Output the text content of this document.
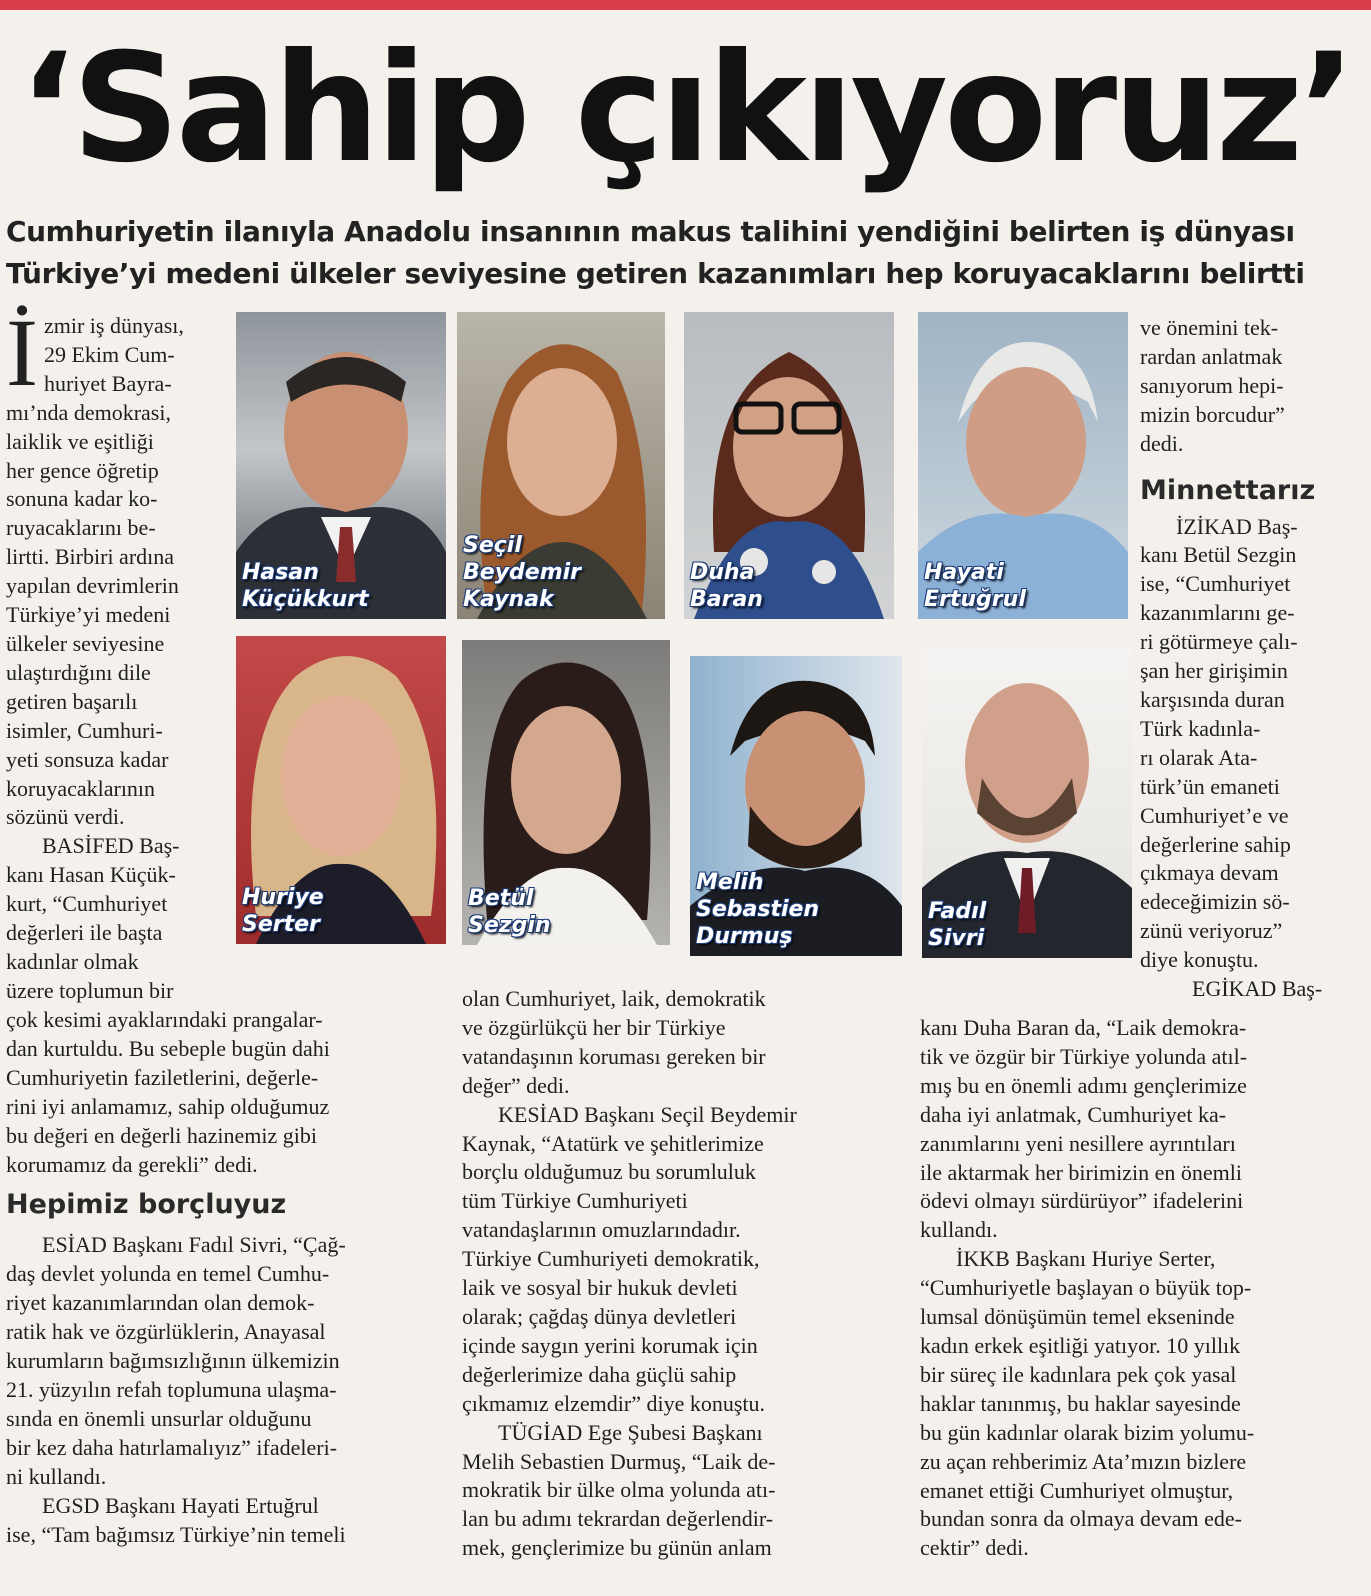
‘Sahip çıkıyoruz’
Cumhuriyetin ilanıyla Anadolu insanının makus talihini yendiğini belirten iş dünyası
Türkiye’yi medeni ülkeler seviyesine getiren kazanımları hep koruyacaklarını belirtti
İ zmir iş dünyası,

29 Ekim Cum-

huriyet Bayra-

mı’nda demokrasi,

laiklik ve eşitliği

her gence öğretip

sonuna kadar ko-

ruyacaklarını be-

lirtti. Birbiri ardına

yapılan devrimlerin

Türkiye’yi medeni

ülkeler seviyesine

ulaştırdığını dile

getiren başarılı

isimler, Cumhuri-

yeti sonsuza kadar

koruyacaklarının

sözünü verdi.

BASİFED Baş-

kanı Hasan Küçük-

kurt, “Cumhuriyet

değerleri ile başta

kadınlar olmak

üzere toplumun bir

çok kesimi ayaklarındaki prangalar-

dan kurtuldu. Bu sebeple bugün dahi

Cumhuriyetin faziletlerini, değerle-

rini iyi anlamamız, sahip olduğumuz

bu değeri en değerli hazinemiz gibi

korumamız da gerekli” dedi.

Hepimiz borçluyuz

ESİAD Başkanı Fadıl Sivri, “Çağ-

daş devlet yolunda en temel Cumhu-

riyet kazanımlarından olan demok-

ratik hak ve özgürlüklerin, Anayasal

kurumların bağımsızlığının ülkemizin

21. yüzyılın refah toplumuna ulaşma-

sında en önemli unsurlar olduğunu

bir kez daha hatırlamalıyız” ifadeleri-

ni kullandı.

EGSD Başkanı Hayati Ertuğrul

ise, “Tam bağımsız Türkiye’nin temeli

olan Cumhuriyet, laik, demokratik

ve özgürlükçü her bir Türkiye

vatandaşının koruması gereken bir

değer” dedi.

KESİAD Başkanı Seçil Beydemir

Kaynak, “Atatürk ve şehitlerimize

borçlu olduğumuz bu sorumluluk

tüm Türkiye Cumhuriyeti

vatandaşlarının omuzlarındadır.

Türkiye Cumhuriyeti demokratik,

laik ve sosyal bir hukuk devleti

olarak; çağdaş dünya devletleri

içinde saygın yerini korumak için

değerlerimize daha güçlü sahip

çıkmamız elzemdir” diye konuştu.

TÜGİAD Ege Şubesi Başkanı

Melih Sebastien Durmuş, “Laik de-

mokratik bir ülke olma yolunda atı-

lan bu adımı tekrardan değerlendir-

mek, gençlerimize bu günün anlam

ve önemini tek-

rardan anlatmak

sanıyorum hepi-

mizin borcudur”

dedi.

Minnettarız

İZİKAD Baş-

kanı Betül Sezgin

ise, “Cumhuriyet

kazanımlarını ge-

ri götürmeye çalı-

şan her girişimin

karşısında duran

Türk kadınla-

rı olarak Ata-

türk’ün emaneti

Cumhuriyet’e ve

değerlerine sahip

çıkmaya devam

edeceğimizin sö-

zünü veriyoruz”

diye konuştu.

EGİKAD Baş-

kanı Duha Baran da, “Laik demokra-

tik ve özgür bir Türkiye yolunda atıl-

mış bu en önemli adımı gençlerimize

daha iyi anlatmak, Cumhuriyet ka-

zanımlarını yeni nesillere ayrıntıları

ile aktarmak her birimizin en önemli

ödevi olmayı sürdürüyor” ifadelerini

kullandı.

İKKB Başkanı Huriye Serter,

“Cumhuriyetle başlayan o büyük top-

lumsal dönüşümün temel ekseninde

kadın erkek eşitliği yatıyor. 10 yıllık

bir süreç ile kadınlara pek çok yasal

haklar tanınmış, bu haklar sayesinde

bu gün kadınlar olarak bizim yolumu-

zu açan rehberimiz Ata’mızın bizlere

emanet ettiği Cumhuriyet olmuştur,

bundan sonra da olmaya devam ede-

cektir” dedi.

Hasan
Küçükkurt
Seçil
Beydemir
Kaynak
Duha
Baran
Hayati
Ertuğrul
Huriye
Serter
Betül
Sezgin
Melih
Sebastien
Durmuş
Fadıl
Sivri
